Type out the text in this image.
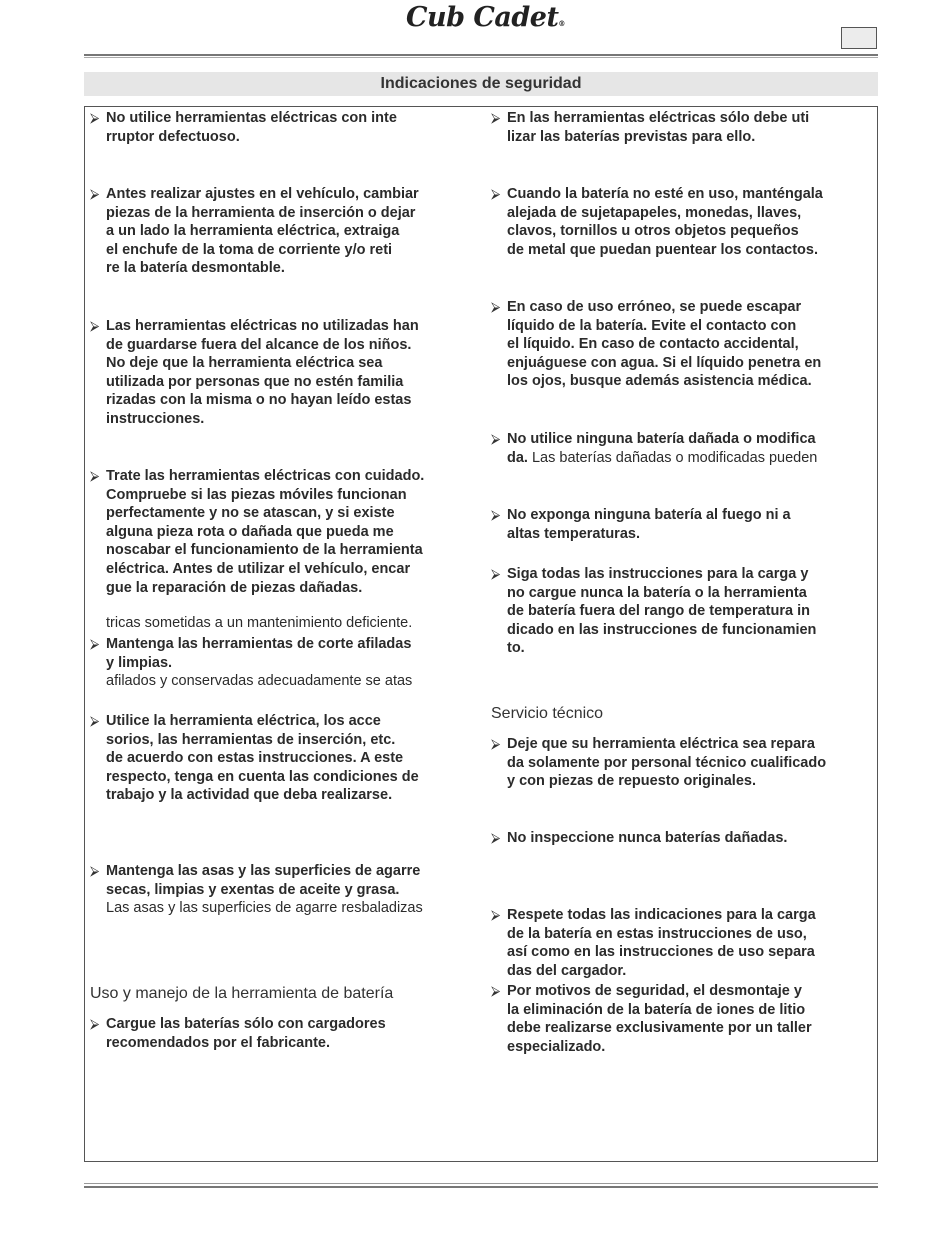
Cub Cadet®
Indicaciones de seguridad
⮚ No utilice herramientas eléctricas con inte
rruptor defectuoso.
⮚ Antes realizar ajustes en el vehículo, cambiar
piezas de la herramienta de inserción o dejar
a un lado la herramienta eléctrica, extraiga
el enchufe de la toma de corriente y/o reti
re la batería desmontable.
⮚ Las herramientas eléctricas no utilizadas han
de guardarse fuera del alcance de los niños.
No deje que la herramienta eléctrica sea
utilizada por personas que no estén familia
rizadas con la misma o no hayan leído estas
instrucciones.
⮚ Trate las herramientas eléctricas con cuidado.
Compruebe si las piezas móviles funcionan
perfectamente y no se atascan, y si existe
alguna pieza rota o dañada que pueda me
noscabar el funcionamiento de la herramienta
eléctrica. Antes de utilizar el vehículo, encar
gue la reparación de piezas dañadas.
tricas sometidas a un mantenimiento deficiente.
⮚ Mantenga las herramientas de corte afiladas
y limpias.
afilados y conservadas adecuadamente se atas
⮚ Utilice la herramienta eléctrica, los acce
sorios, las herramientas de inserción, etc.
de acuerdo con estas instrucciones. A este
respecto, tenga en cuenta las condiciones de
trabajo y la actividad que deba realizarse.
⮚ Mantenga las asas y las superficies de agarre
secas, limpias y exentas de aceite y grasa.
Las asas y las superficies de agarre resbaladizas
Uso y manejo de la herramienta de batería
⮚ Cargue las baterías sólo con cargadores
recomendados por el fabricante.
⮚ En las herramientas eléctricas sólo debe uti
lizar las baterías previstas para ello.
⮚ Cuando la batería no esté en uso, manténgala
alejada de sujetapapeles, monedas, llaves,
clavos, tornillos u otros objetos pequeños
de metal que puedan puentear los contactos.
⮚ En caso de uso erróneo, se puede escapar
líquido de la batería. Evite el contacto con
el líquido. En caso de contacto accidental,
enjuáguese con agua. Si el líquido penetra en
los ojos, busque además asistencia médica.
⮚ No utilice ninguna batería dañada o modifica
da. Las baterías dañadas o modificadas pueden
⮚ No exponga ninguna batería al fuego ni a
altas temperaturas.
⮚ Siga todas las instrucciones para la carga y
no cargue nunca la batería o la herramienta
de batería fuera del rango de temperatura in
dicado en las instrucciones de funcionamien
to.
Servicio técnico
⮚ Deje que su herramienta eléctrica sea repara
da solamente por personal técnico cualificado
y con piezas de repuesto originales.
⮚ No inspeccione nunca baterías dañadas.
⮚ Respete todas las indicaciones para la carga
de la batería en estas instrucciones de uso,
así como en las instrucciones de uso separa
das del cargador.
⮚ Por motivos de seguridad, el desmontaje y
la eliminación de la batería de iones de litio
debe realizarse exclusivamente por un taller
especializado.
